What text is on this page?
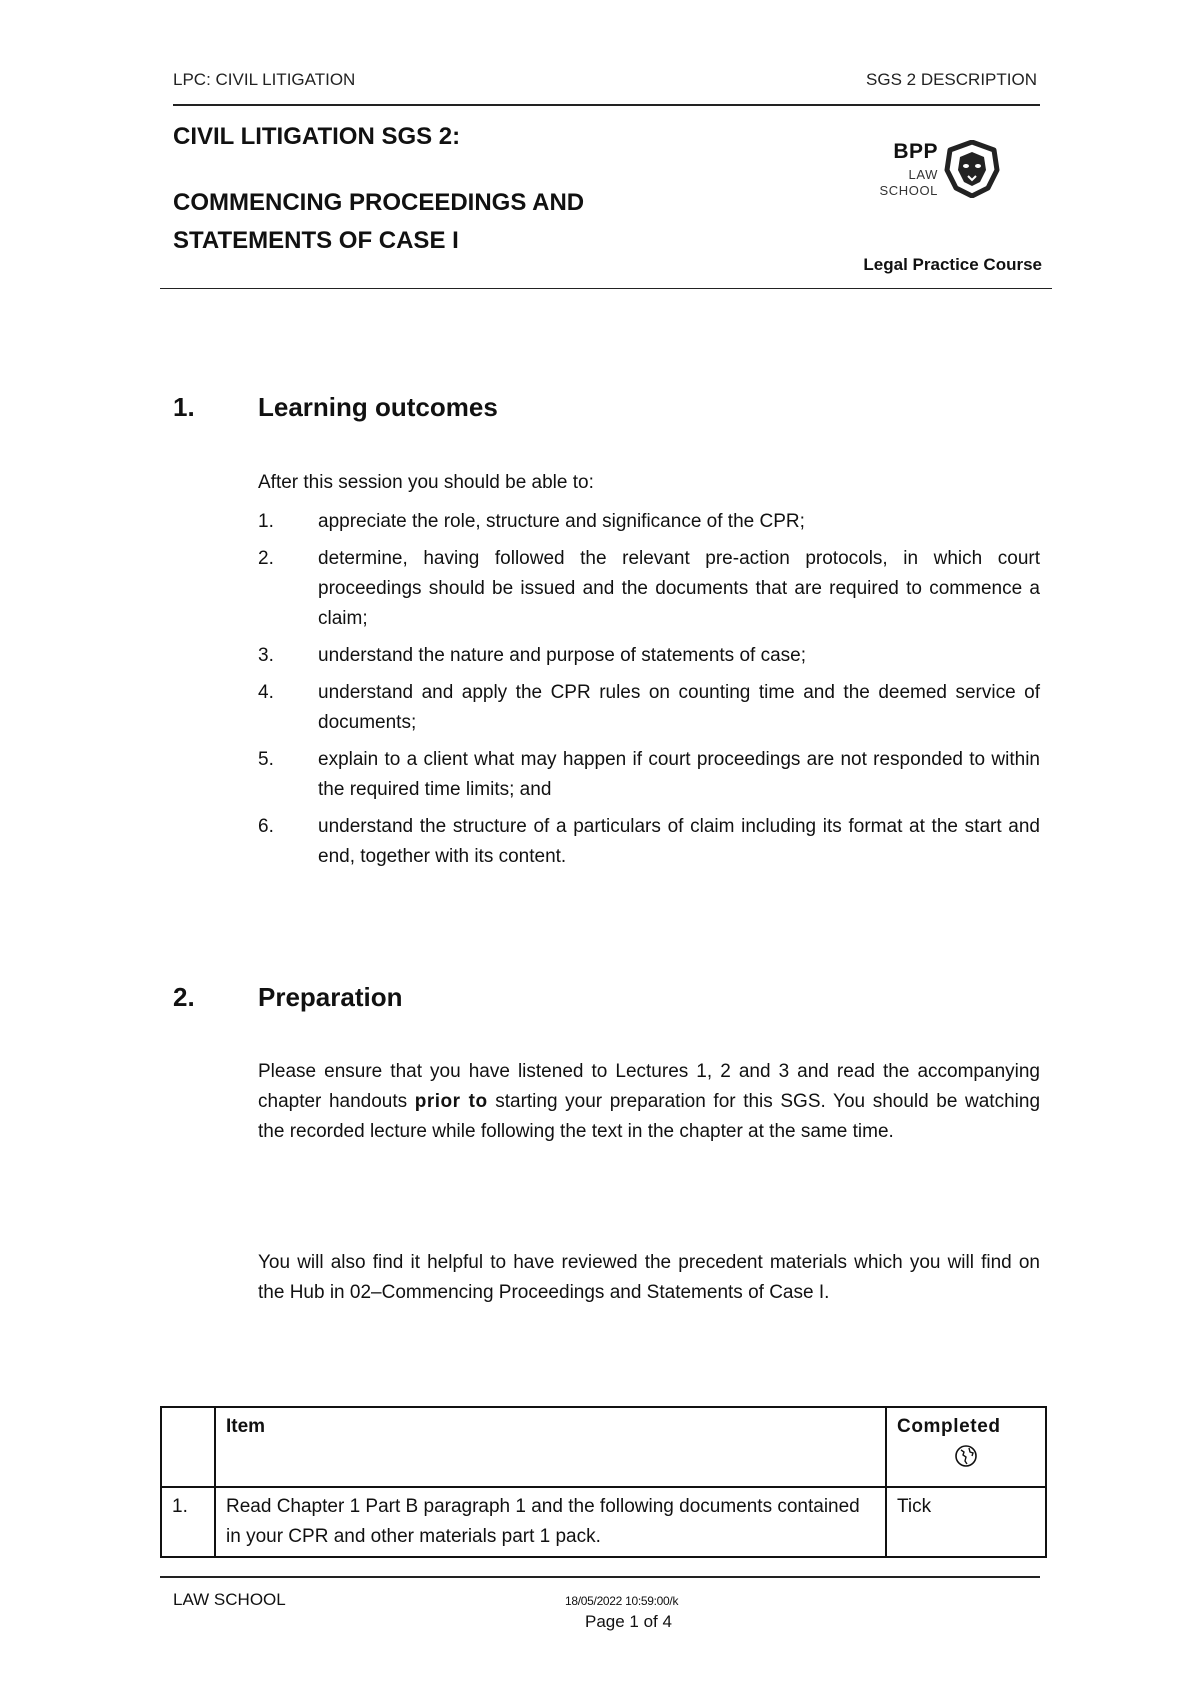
LPC: CIVIL LITIGATION	SGS 2 DESCRIPTION
CIVIL LITIGATION SGS 2:
COMMENCING PROCEEDINGS AND STATEMENTS OF CASE I
BPP
LAW
SCHOOL
Legal Practice Course
1. Learning outcomes
After this session you should be able to:
1.	appreciate the role, structure and significance of the CPR;
2.	determine, having followed the relevant pre-action protocols, in which court proceedings should be issued and the documents that are required to commence a claim;
3.	understand the nature and purpose of statements of case;
4.	understand and apply the CPR rules on counting time and the deemed service of documents;
5.	explain to a client what may happen if court proceedings are not responded to within the required time limits; and
6.	understand the structure of a particulars of claim including its format at the start and end, together with its content.
2. Preparation
Please ensure that you have listened to Lectures 1, 2 and 3 and read the accompanying chapter handouts prior to starting your preparation for this SGS. You should be watching the recorded lecture while following the text in the chapter at the same time.
You will also find it helpful to have reviewed the precedent materials which you will find on the Hub in 02–Commencing Proceedings and Statements of Case I.
	Item	Completed

1.	Read Chapter 1 Part B paragraph 1 and the following documents contained in your CPR and other materials part 1 pack.	Tick
LAW SCHOOL	18/05/2022 10:59:00/k
Page 1 of 4
